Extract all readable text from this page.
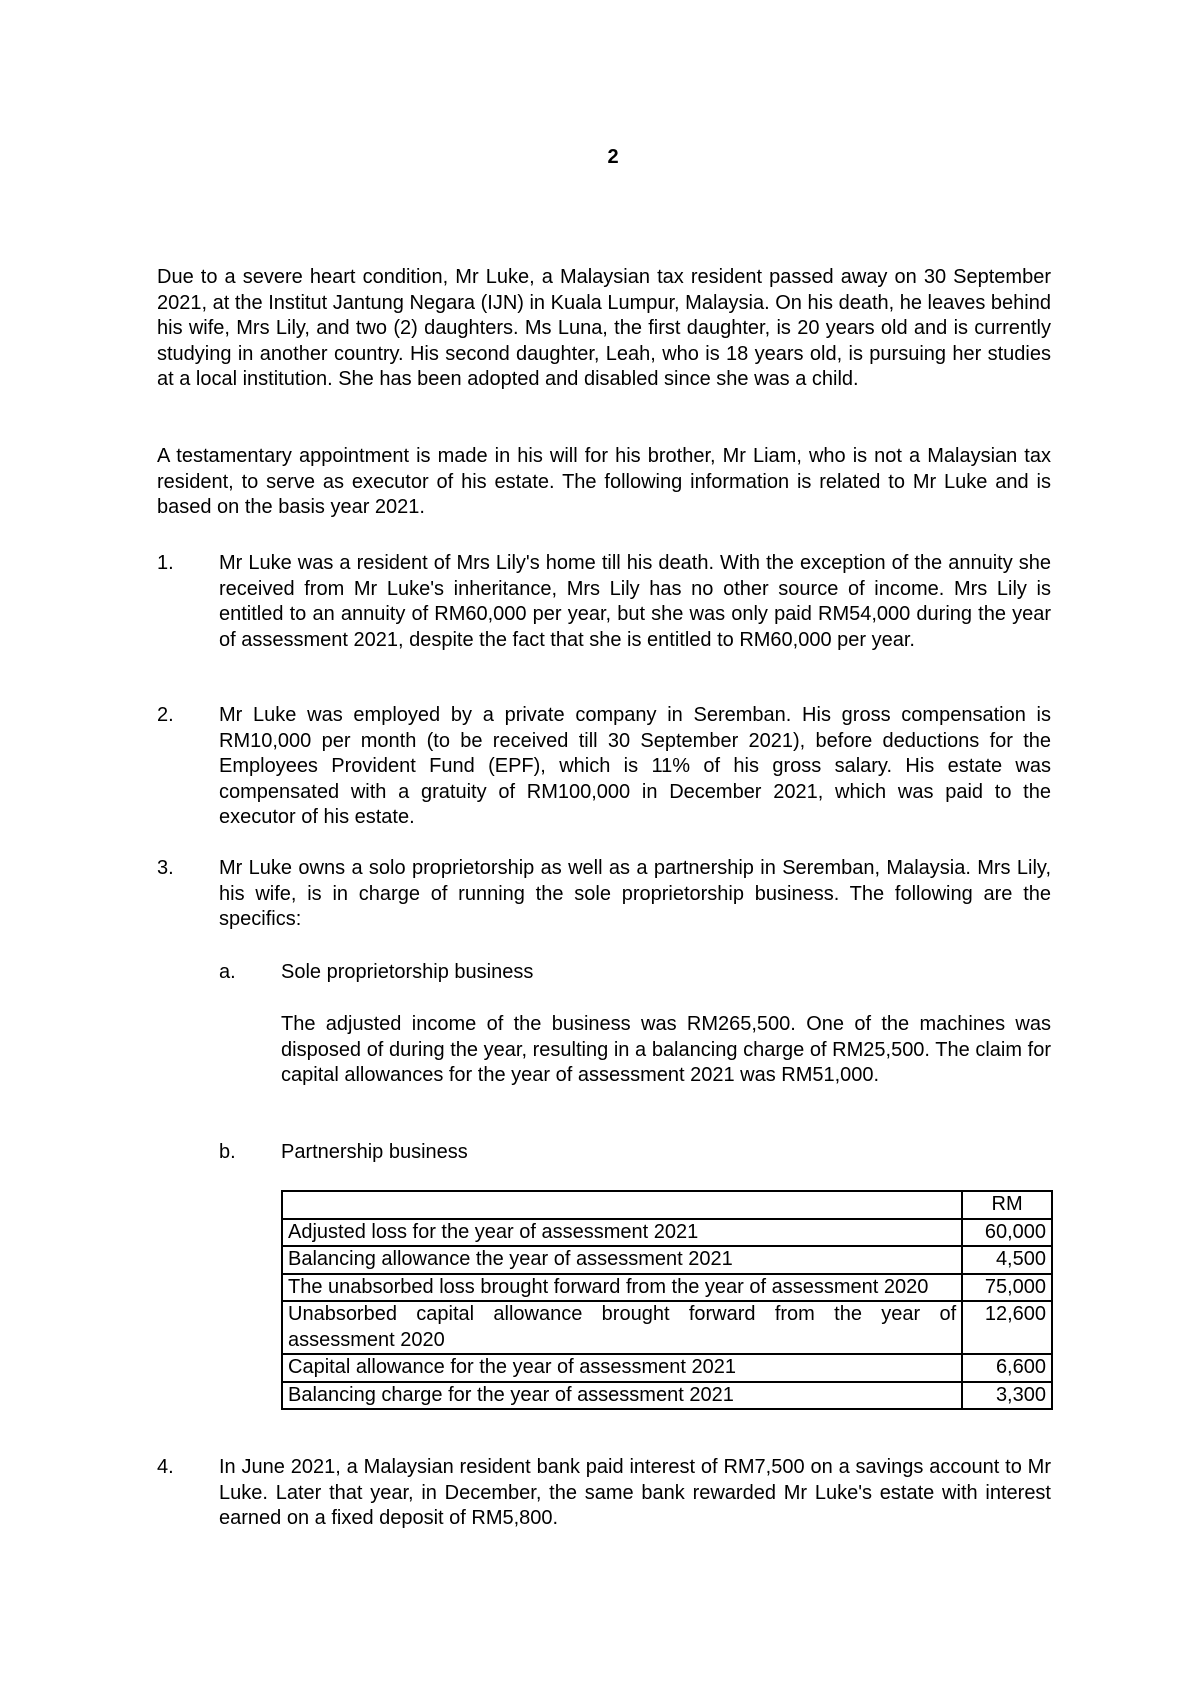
2

Due to a severe heart condition, Mr Luke, a Malaysian tax resident passed away on 30 September 2021, at the Institut Jantung Negara (IJN) in Kuala Lumpur, Malaysia. On his death, he leaves behind his wife, Mrs Lily, and two (2) daughters. Ms Luna, the first daughter, is 20 years old and is currently studying in another country. His second daughter, Leah, who is 18 years old, is pursuing her studies at a local institution. She has been adopted and disabled since she was a child.

A testamentary appointment is made in his will for his brother, Mr Liam, who is not a Malaysian tax resident, to serve as executor of his estate. The following information is related to Mr Luke and is based on the basis year 2021.

1. Mr Luke was a resident of Mrs Lily's home till his death. With the exception of the annuity she received from Mr Luke's inheritance, Mrs Lily has no other source of income. Mrs Lily is entitled to an annuity of RM60,000 per year, but she was only paid RM54,000 during the year of assessment 2021, despite the fact that she is entitled to RM60,000 per year.
2. Mr Luke was employed by a private company in Seremban. His gross compensation is RM10,000 per month (to be received till 30 September 2021), before deductions for the Employees Provident Fund (EPF), which is 11% of his gross salary. His estate was compensated with a gratuity of RM100,000 in December 2021, which was paid to the executor of his estate.
3. Mr Luke owns a solo proprietorship as well as a partnership in Seremban, Malaysia. Mrs Lily, his wife, is in charge of running the sole proprietorship business. The following are the specifics:
a. Sole proprietorship business

The adjusted income of the business was RM265,500. One of the machines was disposed of during the year, resulting in a balancing charge of RM25,500. The claim for capital allowances for the year of assessment 2021 was RM51,000.

b. Partnership business
	RM
Adjusted loss for the year of assessment 2021	60,000
Balancing allowance the year of assessment 2021	4,500
The unabsorbed loss brought forward from the year of assessment 2020	75,000
Unabsorbed capital allowance brought forward from the year of assessment 2020	12,600
Capital allowance for the year of assessment 2021	6,600
Balancing charge for the year of assessment 2021	3,300
4. In June 2021, a Malaysian resident bank paid interest of RM7,500 on a savings account to Mr Luke. Later that year, in December, the same bank rewarded Mr Luke's estate with interest earned on a fixed deposit of RM5,800.
